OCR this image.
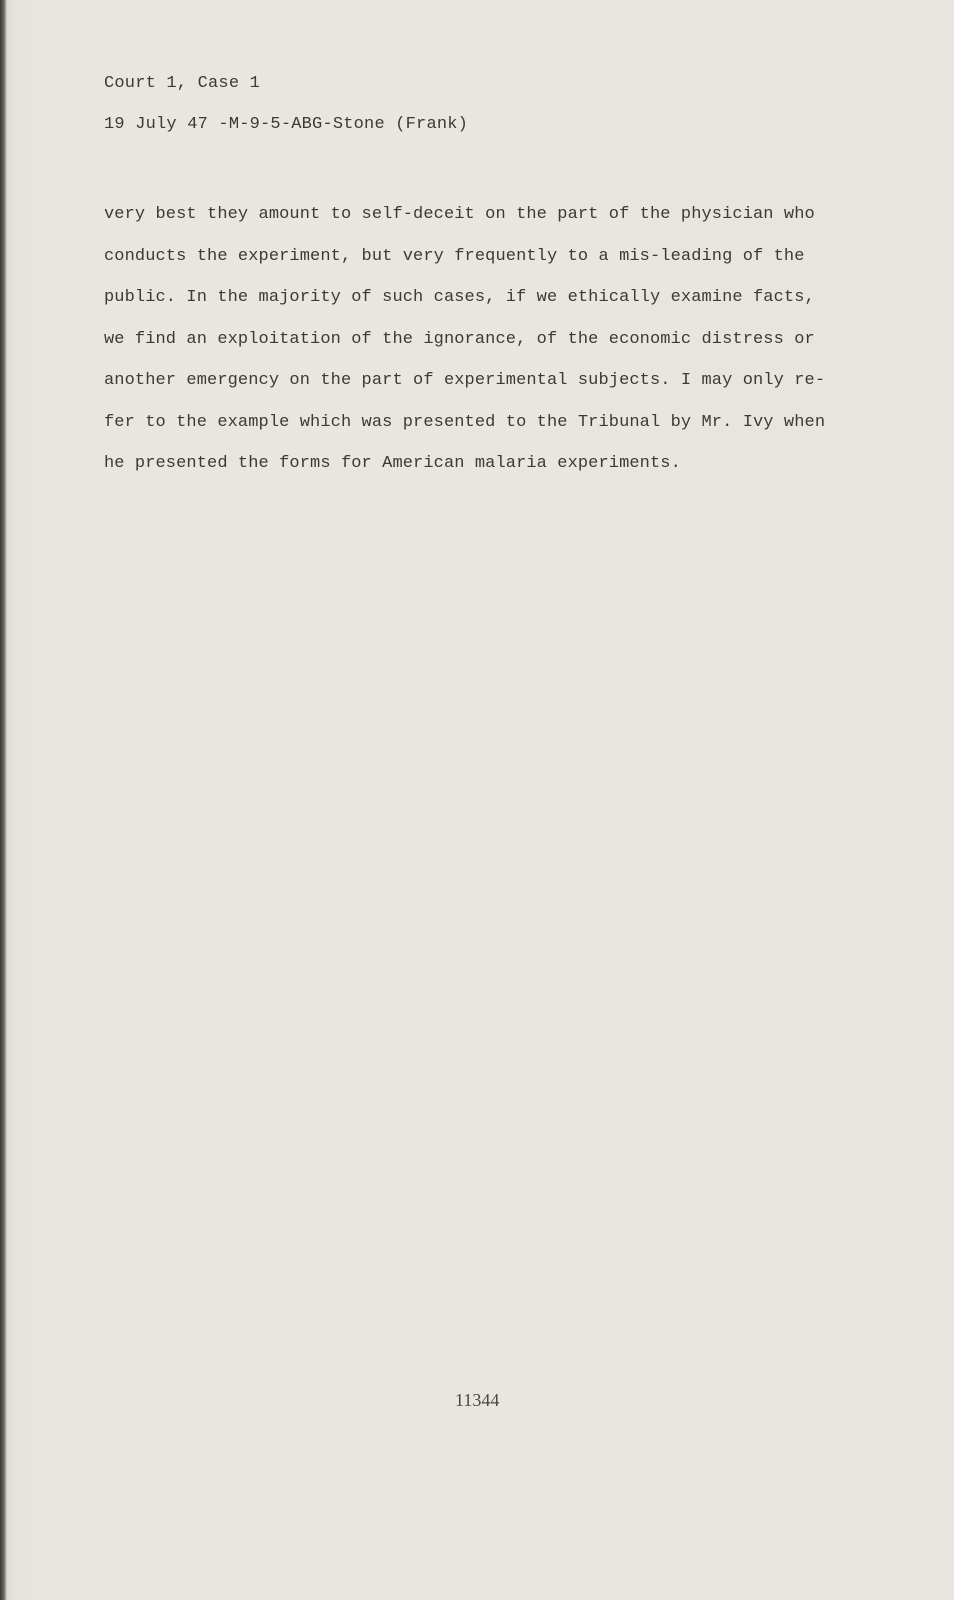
Court 1, Case 1
19 July 47 -M-9-5-ABG-Stone (Frank)
very best they amount to self-deceit on the part of the physician who
conducts the experiment, but very frequently to a mis-leading of the
public. In the majority of such cases, if we ethically examine facts,
we find an exploitation of the ignorance, of the economic distress or
another emergency on the part of experimental subjects. I may only re-
fer to the example which was presented to the Tribunal by Mr. Ivy when
he presented the forms for American malaria experiments.
11344
